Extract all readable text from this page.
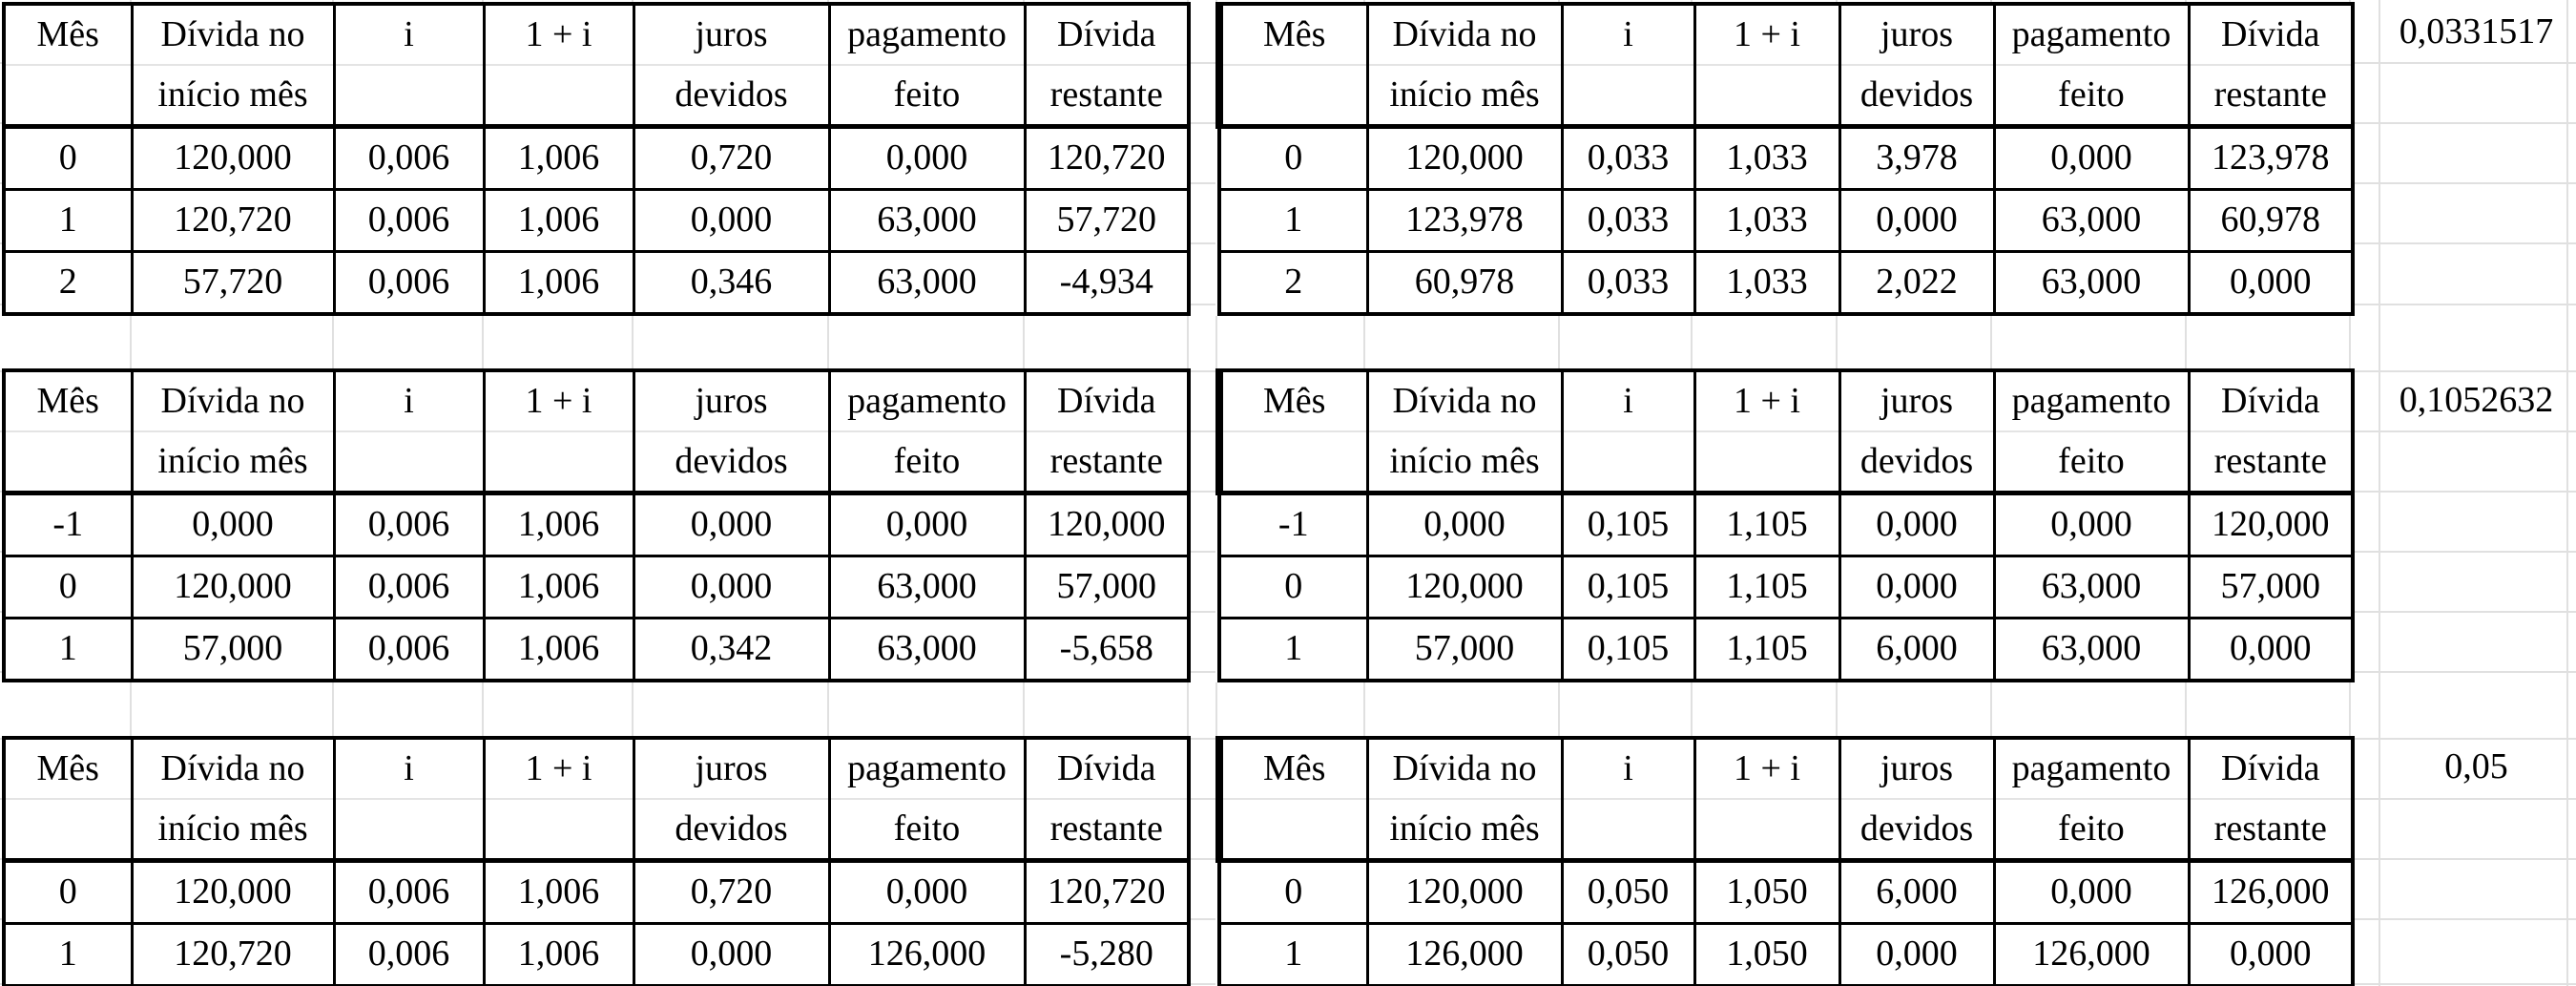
Mês	Dívida no	i	1 + i	juros	pagamento	Dívida
	início mês			devidos	feito	restante
0	120,000	0,006	1,006	0,720	0,000	120,720
1	120,720	0,006	1,006	0,000	63,000	57,720
2	57,720	0,006	1,006	0,346	63,000	-4,934
Mês	Dívida no	i	1 + i	juros	pagamento	Dívida
	início mês			devidos	feito	restante
0	120,000	0,033	1,033	3,978	0,000	123,978
1	123,978	0,033	1,033	0,000	63,000	60,978
2	60,978	0,033	1,033	2,022	63,000	0,000
Mês	Dívida no	i	1 + i	juros	pagamento	Dívida
	início mês			devidos	feito	restante
-1	0,000	0,006	1,006	0,000	0,000	120,000
0	120,000	0,006	1,006	0,000	63,000	57,000
1	57,000	0,006	1,006	0,342	63,000	-5,658
Mês	Dívida no	i	1 + i	juros	pagamento	Dívida
	início mês			devidos	feito	restante
-1	0,000	0,105	1,105	0,000	0,000	120,000
0	120,000	0,105	1,105	0,000	63,000	57,000
1	57,000	0,105	1,105	6,000	63,000	0,000
Mês	Dívida no	i	1 + i	juros	pagamento	Dívida
	início mês			devidos	feito	restante
0	120,000	0,006	1,006	0,720	0,000	120,720
1	120,720	0,006	1,006	0,000	126,000	-5,280
Mês	Dívida no	i	1 + i	juros	pagamento	Dívida
	início mês			devidos	feito	restante
0	120,000	0,050	1,050	6,000	0,000	126,000
1	126,000	0,050	1,050	0,000	126,000	0,000
0,0331517
0,1052632
0,05
